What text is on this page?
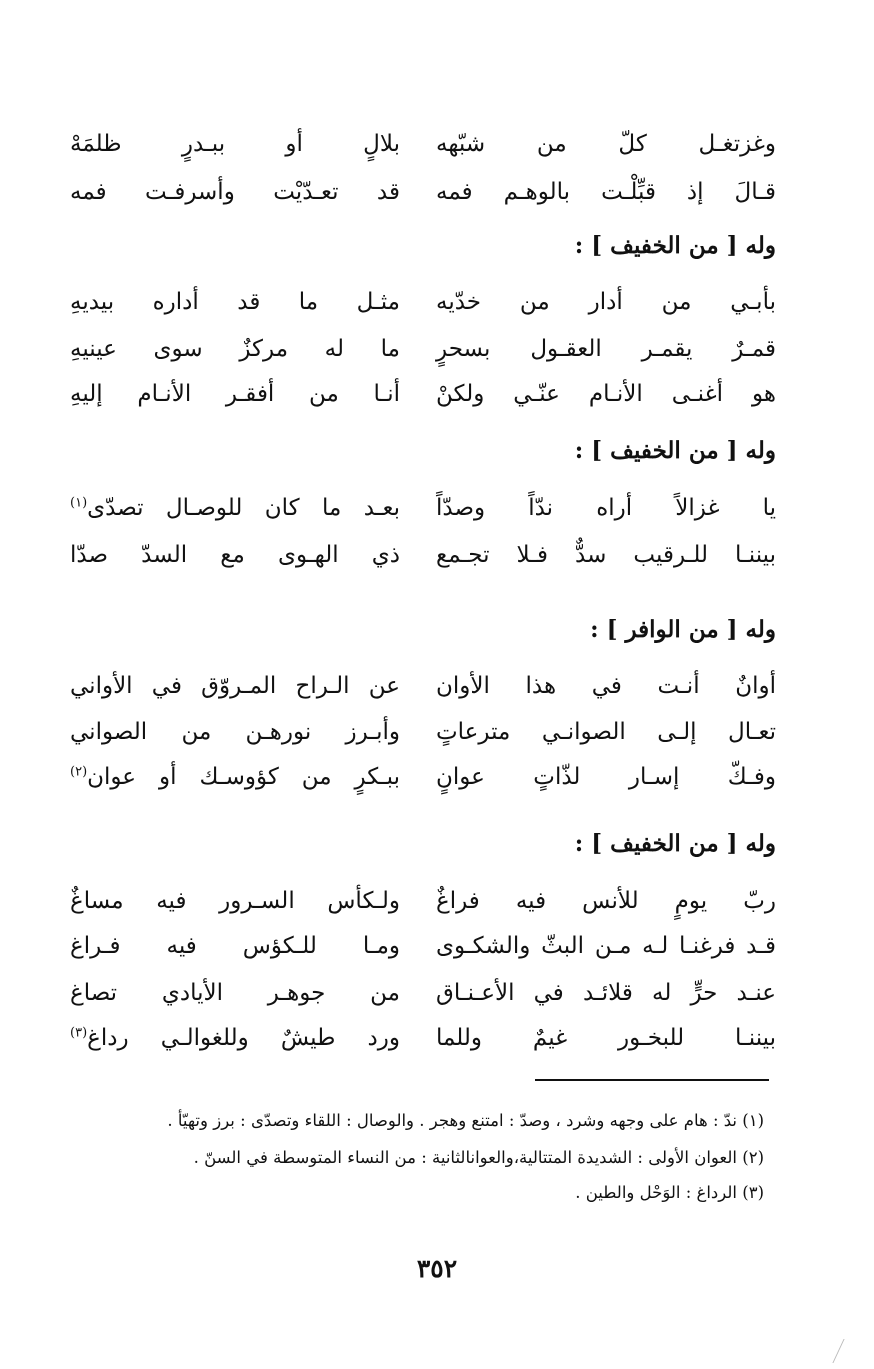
وغزتغـل كلّ من شبّهه
بلالٍ أو ببـدرٍ ظلمَهْ
قـالَ إذ قبِّلْـت بالوهـم فمه
قد تعـدّيْت وأسرفـت فمه
وله [ من الخفيف ] :
بأبـي من أدار من خدّيه
مثـل ما قد أداره بيديهِ
قمـرٌ يقمـر العقـول بسحرٍ
ما له مركزٌ سوى عينيهِ
هو أغنـى الأنـام عنّـي ولكنْ
أنـا من أفقـر الأنـام إليهِ
وله [ من الخفيف ] :
يا غزالاً أراه ندّاً وصدّاً
بعـد ما كان للوصـال تصدّى$^{(١)}$
بيننـا للـرقيب سدٌّ فـلا تجـمع
ذي الهـوى مع السدّ صدّا
وله [ من الوافر ] :
أوانٌ أنـت في هذا الأوان
عن الـراح المـروّق في الأواني
تعـال إلـى الصوانـي مترعاتٍ
وأبـرز نورهـن من الصواني
وفـكّ إسـار لذّاتٍ عوانٍ
ببـكرٍ من كؤوسـك أو عوان$^{(٢)}$
وله [ من الخفيف ] :
ربّ يومٍ للأنس فيه فراغٌ
ولـكأس السـرور فيه مساغٌ
قـد فرغنـا لـه مـن البثّ والشكـوى
ومـا للـكؤس فيه فـراغ
عنـد حرٍّ له قلائـد في الأعـنـاق
من جوهـر الأيادي تصاغ
بيننـا للبخـور غيمٌ وللما
ورد طيشٌ وللغوالـي رداغ$^{(٣)}$
(١) ندّ : هام على وجهه وشرد ، وصدّ : امتنع وهجر . والوصال : اللقاء وتصدّى : برز وتهيّأ .
(٢) العوان الأولى : الشديدة المتتالية،والعوانالثانية : من النساء المتوسطة في السنّ .
(٣) الرداغ : الوَحْل والطين .
٣٥٢
